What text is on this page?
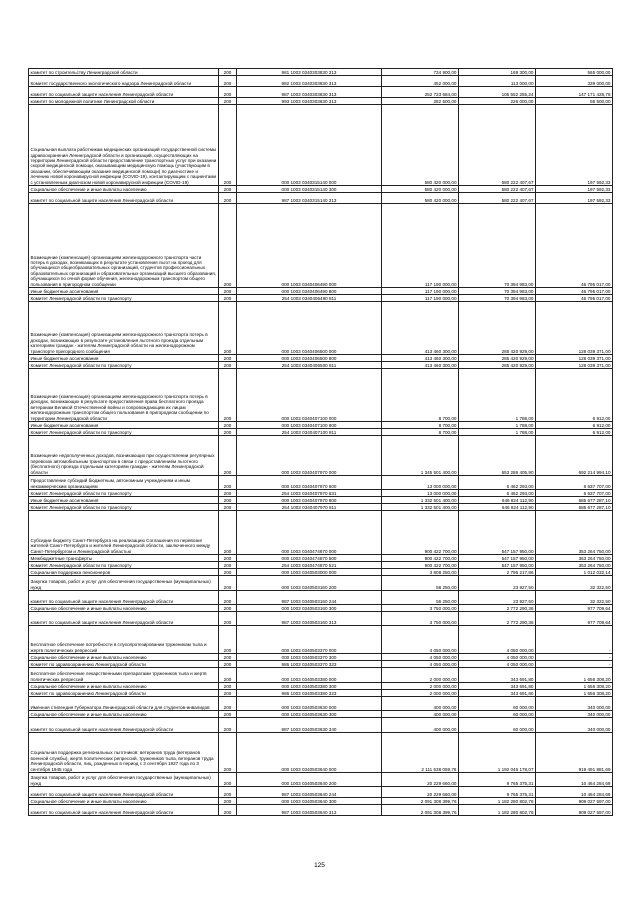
комитет по строительству Ленинградской области	200	981 1003 0340303830 313	734 900,00	169 300,00	565 000,00
Комитет государственного экологического надзора Ленинградской области	200	982 1003 0340303830 313	452 000,00	113 000,00	339 000,00
комитет по социальной защите населения Ленинградской области	200	987 1003 0340303830 313	252 723 684,00	105 552 255,24	147 171 428,76
комитет по молодежной политике Ленинградской области	200	993 1003 0340303830 313	282 500,00	226 000,00	56 500,00
Социальная выплата работникам медицинских организаций государственной системы здравоохранения Ленинградской области и организаций, осуществляющих на территории Ленинградской области предоставление транспортных услуг при оказании скорой медицинской помощи, оказывающим медицинскую помощь (участвующим в оказании, обеспечивающим оказание медицинской помощи) по диагностике и лечению новой коронавирусной инфекции (COVID-19), контактирующим с пациентами с установленным диагнозом новой коронавирусной инфекции (COVID-19)	200	000 1003 0340315140 000	580 420 000,00	580 222 407,67	197 592,33
Социальное обеспечение и иные выплаты населению	200	000 1003 0340315140 300	580 420 000,00	580 222 407,67	197 592,33
комитет по социальной защите населения Ленинградской области	200	987 1003 0340315140 313	580 420 000,00	580 222 407,67	197 592,33
Возмещение (компенсация) организациям железнодорожного транспорта части потерь в доходах, возникающих в результате установления льгот на проезд для обучающихся общеобразовательных организаций, студентов профессиональных образовательных организаций и образовательных организаций высшего образования, обучающихся по очной форме обучения, железнодорожным транспортом общего пользования в пригородном сообщении	200	000 1003 0340406490 000	117 190 000,00	70 394 983,00	46 795 017,00
Иные бюджетные ассигнования	200	000 1003 0340406490 800	117 190 000,00	70 394 983,00	46 795 017,00
Комитет Ленинградской области по транспорту	200	254 1003 0340406490 811	117 190 000,00	70 394 983,00	46 795 017,00
Возмещение (компенсация) организациям железнодорожного транспорта потерь в доходах, возникающих в результате установления льготного проезда отдельным категориям граждан - жителям Ленинградской области на железнодорожном транспорте пригородного сообщения	200	000 1003 0340406500 000	413 460 300,00	285 420 929,00	128 039 371,00
Иные бюджетные ассигнования	200	000 1003 0340406500 800	413 460 300,00	285 420 929,00	128 039 371,00
Комитет Ленинградской области по транспорту	200	254 1003 0340406500 811	413 460 300,00	285 420 929,00	128 039 371,00
Возмещение (компенсация) организациям железнодорожного транспорта потерь в доходах, возникающих в результате предоставления права бесплатного проезда ветеранам Великой Отечественной войны и сопровождающим их лицам железнодорожным транспортом общего пользования в пригородном сообщении по территории Ленинградской области	200	000 1003 0340407100 000	8 700,00	1 788,00	6 912,00
Иные бюджетные ассигнования	200	000 1003 0340407100 800	8 700,00	1 788,00	6 912,00
Комитет Ленинградской области по транспорту	200	254 1003 0340407100 811	8 700,00	1 788,00	6 912,00
Возмещение недополученных доходов, возникающих при осуществлении регулярных перевозок автомобильным транспортом в связи с предоставлением льготного (бесплатного) проезда отдельным категориям граждан - жителям Ленинградской области	200	000 1003 0340407970 000	1 345 501 400,00	653 286 405,90	692 214 994,10
Предоставление субсидий бюджетным, автономным учреждениям и иным некоммерческим организациям	200	000 1003 0340407970 600	13 000 000,00	6 462 293,00	6 537 707,00
Комитет Ленинградской области по транспорту	200	254 1003 0340407970 631	13 000 000,00	6 462 293,00	6 537 707,00
Иные бюджетные ассигнования	200	000 1003 0340407970 800	1 332 501 400,00	646 824 112,90	685 677 287,10
Комитет Ленинградской области по транспорту	200	254 1003 0340407970 811	1 332 501 400,00	646 824 112,90	685 677 287,10
Субсидии бюджету Санкт-Петербурга на реализацию Соглашения по перевозке жителей Санкт-Петербурга и жителей Ленинградской области, заключенного между Санкт-Петербургом и Ленинградской областью	200	000 1003 0340474870 000	900 422 700,00	547 157 950,00	353 264 750,00
Межбюджетные трансферты	200	000 1003 0340474870 500	900 422 700,00	547 157 950,00	353 264 750,00
Комитет Ленинградской области по транспорту	200	254 1003 0340474870 521	900 422 700,00	547 157 950,00	353 264 750,00
Социальная поддержка пенсионеров	200	000 1003 0340503000 000	3 808 250,00	2 796 217,86	1 012 032,14
Закупка товаров, работ и услуг для обеспечения государственных (муниципальных) нужд	200	000 1003 0340503160 200	58 250,00	23 927,50	32 322,50
комитет по социальной защите населения Ленинградской области	200	987 1003 0340503160 244	56 250,00	23 927,50	32 322,50
Социальное обеспечение и иные выплаты населению	200	000 1003 0340503160 300	3 750 000,00	2 772 290,36	977 709,64
комитет по социальной защите населения Ленинградской области	200	987 1003 0340503160 313	3 750 000,00	2 772 290,36	977 709,64
Бесплатное обеспечение потребности в слухопротезировании труженикам тыла и жертв политических репрессий	200	000 1003 0340503370 000	4 050 000,00	4 050 000,00	-
Социальное обеспечение и иные выплаты населению	200	000 1003 0340503370 300	4 050 000,00	4 050 000,00	-
Комитет по здравоохранению Ленинградской области	200	986 1003 0340503370 323	4 050 000,00	4 050 000,00	-
Бесплатное обеспечение лекарственными препаратами тружеников тыла и жертв политических репрессий	200	000 1003 0340503380 000	2 000 000,00	343 691,80	1 656 308,20
Социальное обеспечение и иные выплаты населению	200	000 1003 0340503380 300	2 000 000,00	343 691,80	1 656 308,20
Комитет по здравоохранению Ленинградской области	200	986 1003 0340503380 323	2 000 000,00	343 691,80	1 656 308,20
Именная стипендия Губернатора Ленинградской области для студентов-инвалидов	200	000 1003 0340503630 000	400 000,00	60 000,00	340 000,00
Социальное обеспечение и иные выплаты населению	200	000 1003 0340503630 300	400 000,00	60 000,00	340 000,00
комитет по социальной защите населения Ленинградской области	200	987 1003 0340503630 340	400 000,00	60 000,00	340 000,00
Социальная поддержка региональных льготников: ветеранов труда (ветеранов военной службы), жертв политических репрессий, тружеников тыла, ветеранов труда Ленинградской области, лиц, рожденных в период с 3 сентября 1927 года по 3 сентября 1945 года	200	000 1003 0340503640 000	2 111 538 059,76	1 192 046 178,07	919 491 881,69
Закупка товаров, работ и услуг для обеспечения государственных (муниципальных) нужд	200	000 1003 0340503640 200	20 229 660,00	9 765 375,31	10 464 284,69
комитет по социальной защите населения Ленинградской области	200	987 1003 0340503640 244	20 229 660,00	9 765 375,31	10 464 284,69
Социальное обеспечение и иные выплаты населению	200	000 1003 0340503640 300	2 091 308 399,76	1 182 280 802,76	909 027 597,00
комитет по социальной защите населения Ленинградской области	200	987 1003 0340503640 313	2 091 308 399,76	1 182 280 802,76	909 027 597,00
125
